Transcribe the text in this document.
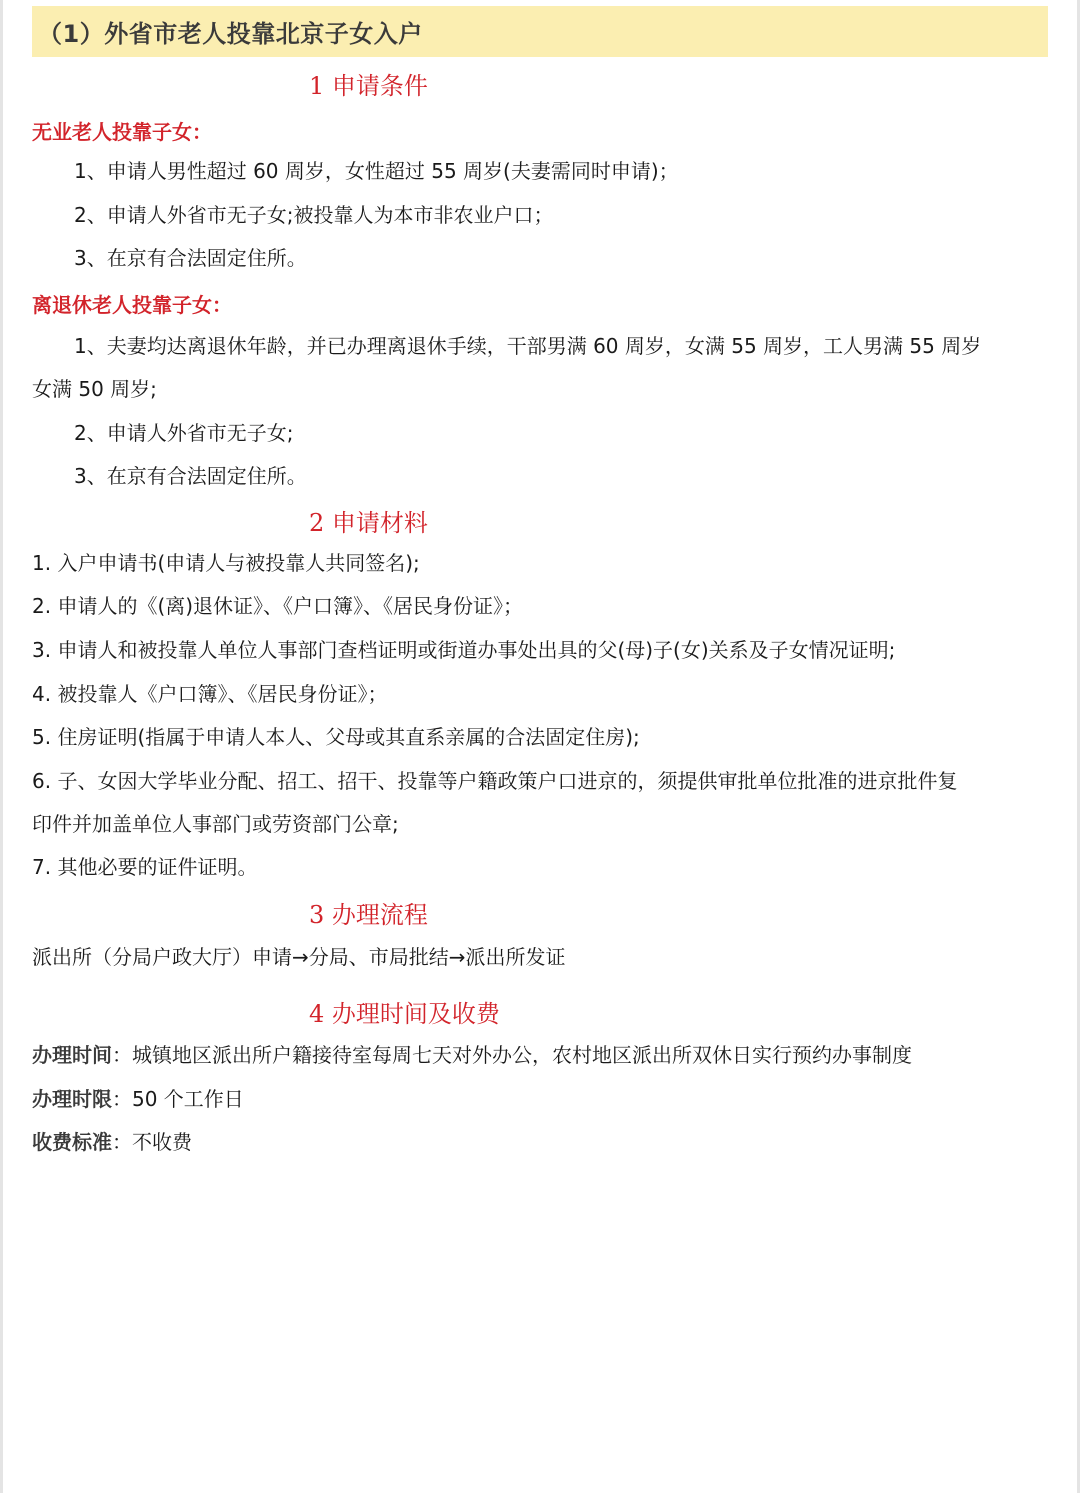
（1）外省市老人投靠北京子女入户
1 申请条件
无业老人投靠子女：
1、申请人男性超过 60 周岁，女性超过 55 周岁(夫妻需同时申请)；
2、申请人外省市无子女;被投靠人为本市非农业户口；
3、在京有合法固定住所。
离退休老人投靠子女：
1、夫妻均达离退休年龄，并已办理离退休手续，干部男满 60 周岁，女满 55 周岁，工人男满 55 周岁
女满 50 周岁;
2、申请人外省市无子女;
3、在京有合法固定住所。
2 申请材料
1. 入户申请书(申请人与被投靠人共同签名);
2. 申请人的《(离)退休证》、《户口簿》、《居民身份证》；
3. 申请人和被投靠人单位人事部门查档证明或街道办事处出具的父(母)子(女)关系及子女情况证明;
4. 被投靠人《户口簿》、《居民身份证》；
5. 住房证明(指属于申请人本人、父母或其直系亲属的合法固定住房);
6. 子、女因大学毕业分配、招工、招干、投靠等户籍政策户口进京的，须提供审批单位批准的进京批件复
印件并加盖单位人事部门或劳资部门公章;
7. 其他必要的证件证明。
3 办理流程
派出所（分局户政大厅）申请→分局、市局批结→派出所发证
4 办理时间及收费
办理时间：城镇地区派出所户籍接待室每周七天对外办公，农村地区派出所双休日实行预约办事制度
办理时限：50 个工作日
收费标准：不收费
